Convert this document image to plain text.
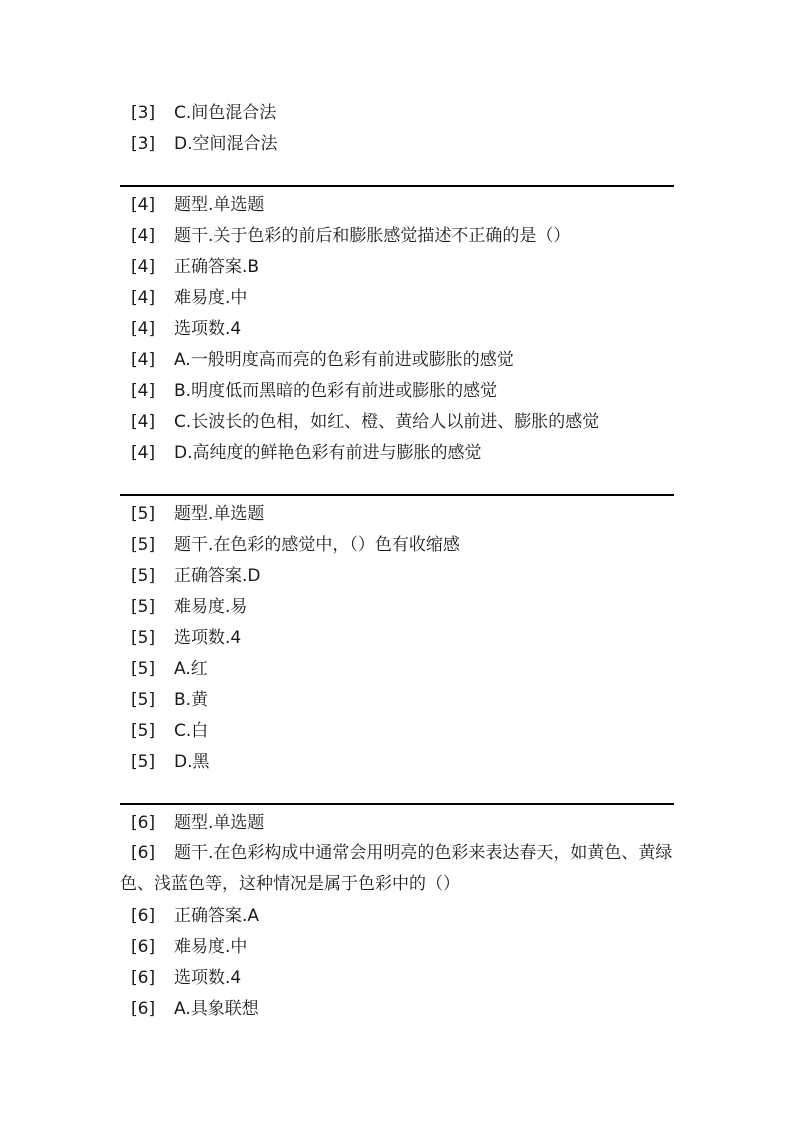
[3] C.间色混合法
[3] D.空间混合法
[4] 题型.单选题
[4] 题干.关于色彩的前后和膨胀感觉描述不正确的是（）
[4] 正确答案.B
[4] 难易度.中
[4] 选项数.4
[4] A.一般明度高而亮的色彩有前进或膨胀的感觉
[4] B.明度低而黑暗的色彩有前进或膨胀的感觉
[4] C.长波长的色相，如红、橙、黄给人以前进、膨胀的感觉
[4] D.高纯度的鲜艳色彩有前进与膨胀的感觉
[5] 题型.单选题
[5] 题干.在色彩的感觉中，（）色有收缩感
[5] 正确答案.D
[5] 难易度.易
[5] 选项数.4
[5] A.红
[5] B.黄
[5] C.白
[5] D.黑
[6] 题型.单选题
[6] 题干.在色彩构成中通常会用明亮的色彩来表达春天，如黄色、黄绿色、浅蓝色等，这种情况是属于色彩中的（）
[6] 正确答案.A
[6] 难易度.中
[6] 选项数.4
[6] A.具象联想
